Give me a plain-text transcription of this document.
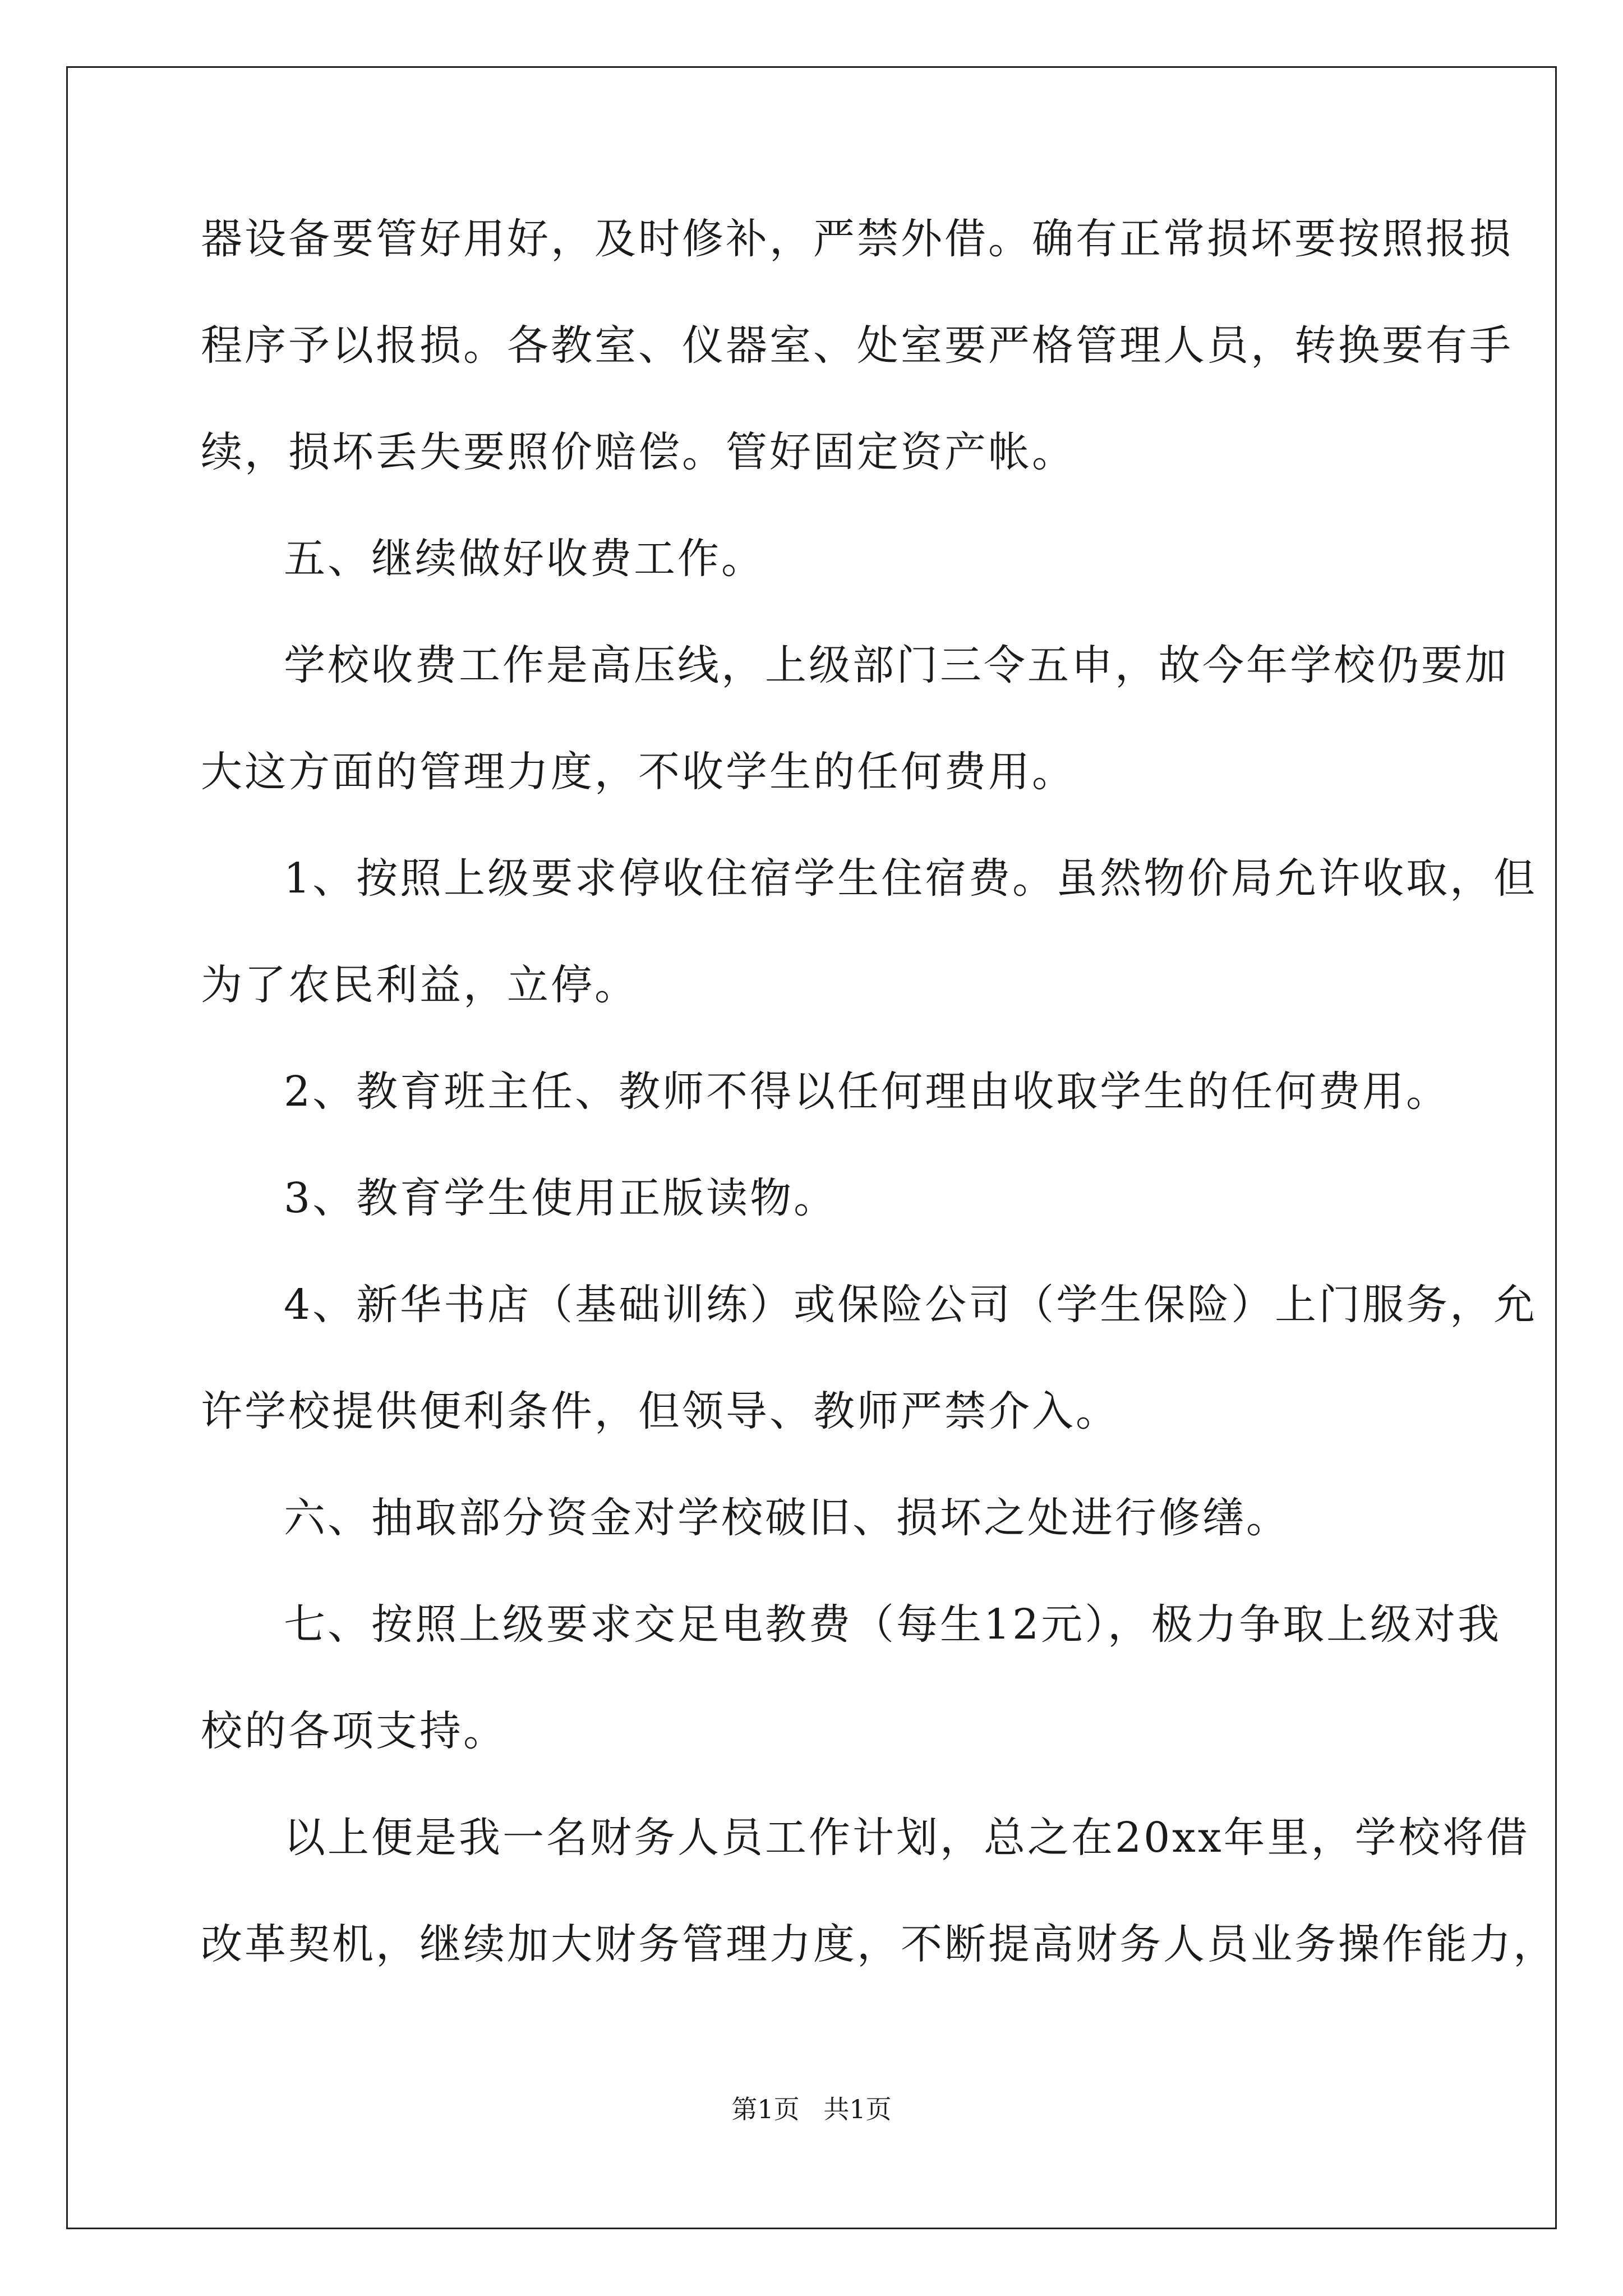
器设备要管好用好，及时修补，严禁外借。确有正常损坏要按照报损
程序予以报损。各教室、仪器室、处室要严格管理人员，转换要有手
续，损坏丢失要照价赔偿。管好固定资产帐。
五、继续做好收费工作。
学校收费工作是高压线，上级部门三令五申，故今年学校仍要加
大这方面的管理力度，不收学生的任何费用。
1、按照上级要求停收住宿学生住宿费。虽然物价局允许收取，但
为了农民利益，立停。
2、教育班主任、教师不得以任何理由收取学生的任何费用。
3、教育学生使用正版读物。
4、新华书店（基础训练）或保险公司（学生保险）上门服务，允
许学校提供便利条件，但领导、教师严禁介入。
六、抽取部分资金对学校破旧、损坏之处进行修缮。
七、按照上级要求交足电教费（每生12元），极力争取上级对我
校的各项支持。
以上便是我一名财务人员工作计划，总之在20xx年里，学校将借
改革契机，继续加大财务管理力度，不断提高财务人员业务操作能力，
第1页 共1页
